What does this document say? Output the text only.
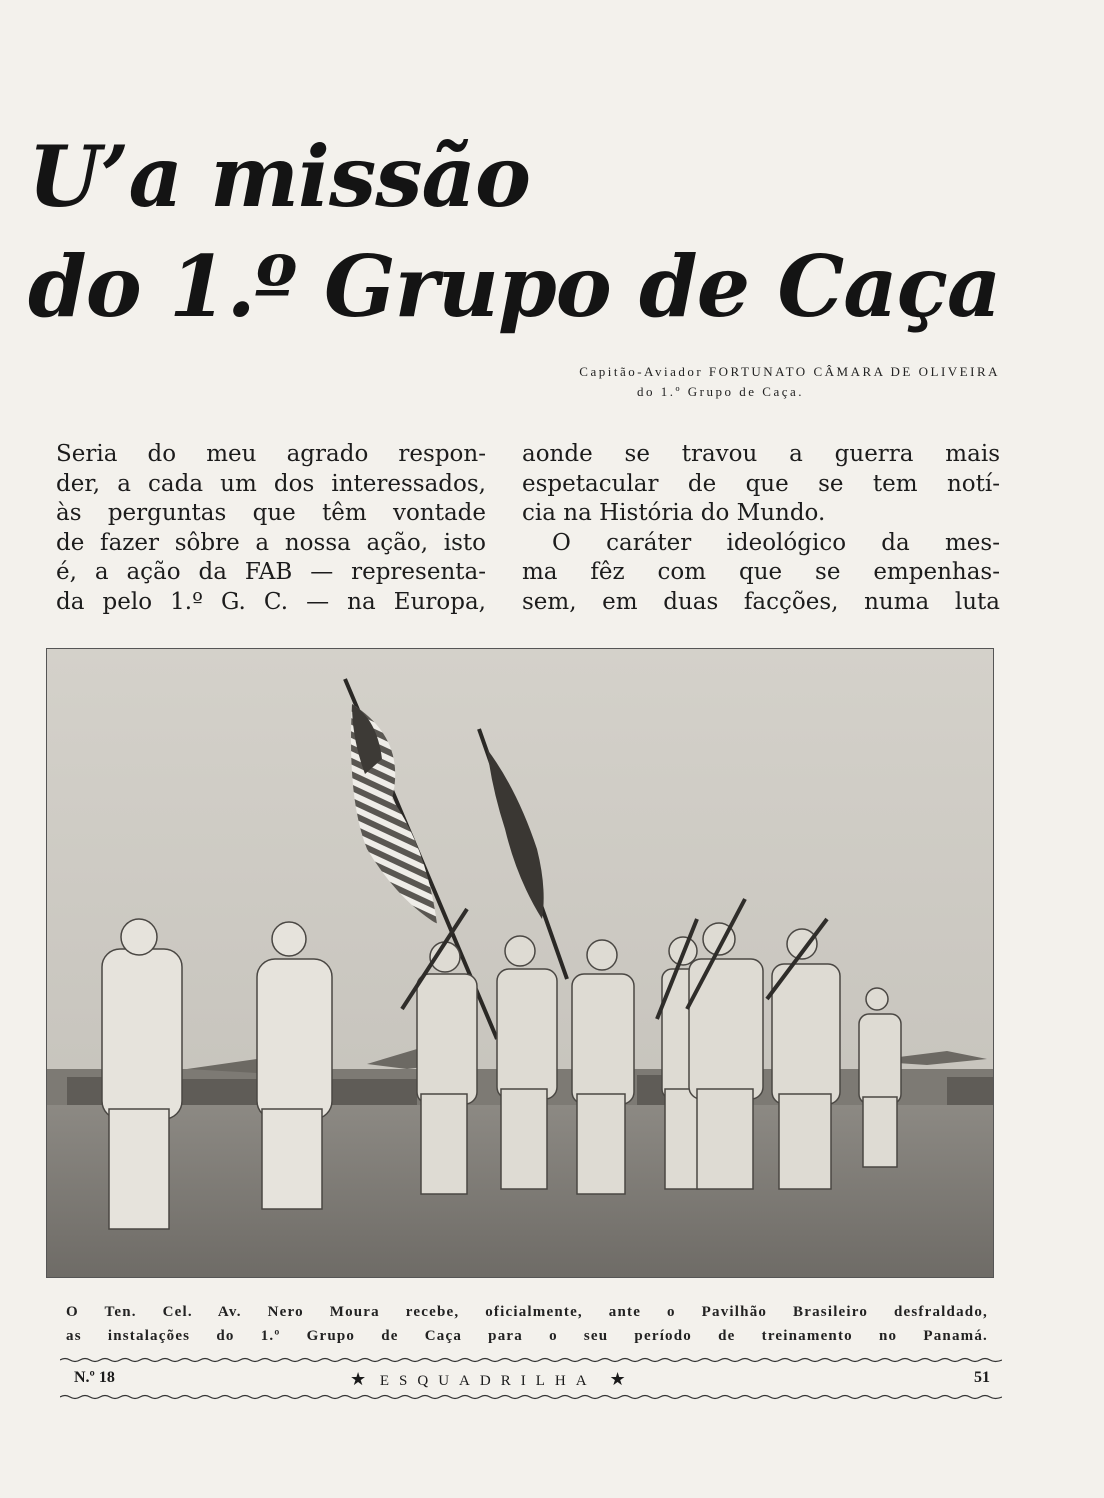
U’a missão
do 1.º Grupo de Caça
Capitão-Aviador FORTUNATO CÂMARA DE OLIVEIRA
do 1.º Grupo de Caça.

Seria do meu agrado respon-

der, a cada um dos interessados,

às perguntas que têm vontade

de fazer sôbre a nossa ação, isto

é, a ação da FAB — representa-

da pelo 1.º G. C. — na Europa,

aonde se travou a guerra mais

espetacular de que se tem notí-

cia na História do Mundo.

O caráter ideológico da mes-

ma fêz com que se empenhas-

sem, em duas facções, numa luta

O Ten. Cel. Av. Nero Moura recebe, oficialmente, ante o Pavilhão Brasileiro desfraldado,
as instalações do 1.º Grupo de Caça para o seu período de treinamento no Panamá.
N.º 18	★ ESQUADRILHA ★	51
